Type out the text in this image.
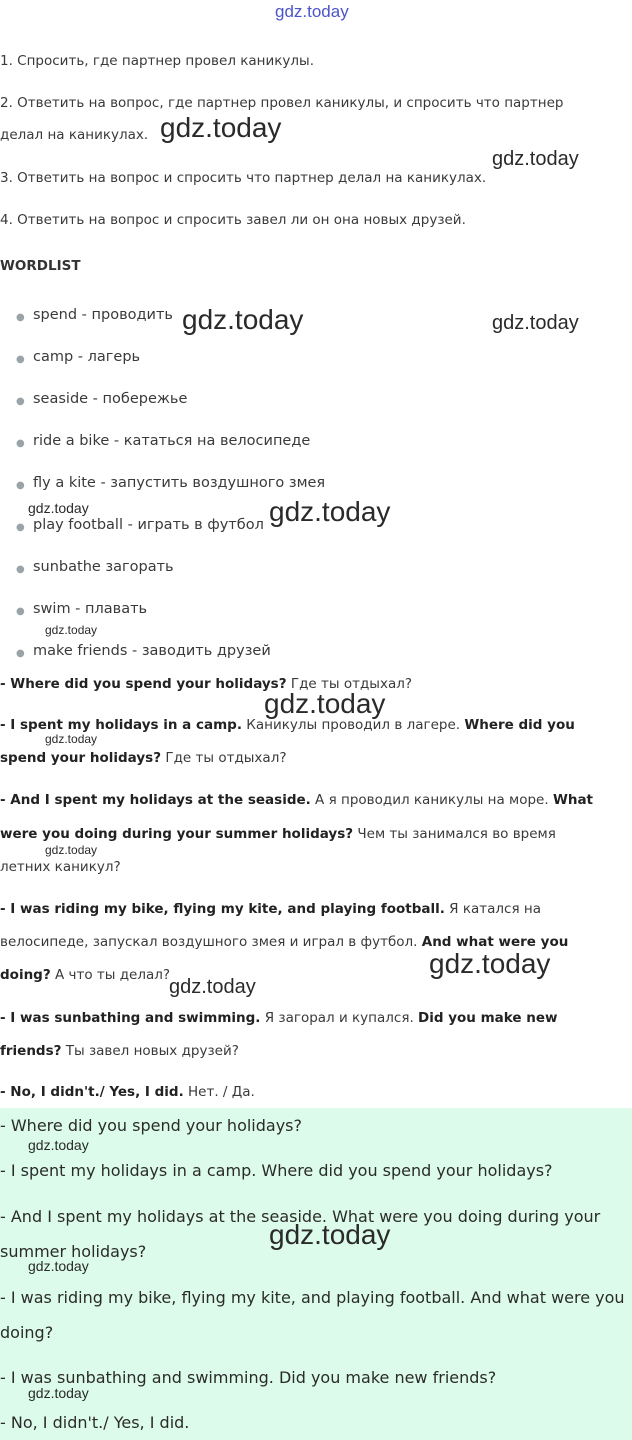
gdz.today
1. Спросить, где партнер провел каникулы.
2. Ответить на вопрос, где партнер провел каникулы, и спросить что партнер
делал на каникулах.
3. Ответить на вопрос и спросить что партнер делал на каникулах.
4. Ответить на вопрос и спросить завел ли он она новых друзей.
WORDLIST
● spend - проводить
● camp - лагерь
● seaside - побережье
● ride a bike - кататься на велосипеде
● fly a kite - запустить воздушного змея
● play football - играть в футбол
● sunbathe загорать
● swim - плавать
● make friends - заводить друзей
- Where did you spend your holidays? Где ты отдыхал?
- I spent my holidays in a camp. Каникулы проводил в лагере. Where did you
spend your holidays? Где ты отдыхал?
- And I spent my holidays at the seaside. А я проводил каникулы на море. What
were you doing during your summer holidays? Чем ты занимался во время
летних каникул?
- I was riding my bike, flying my kite, and playing football. Я катался на
велосипеде, запускал воздушного змея и играл в футбол. And what were you
doing? А что ты делал?
- I was sunbathing and swimming. Я загорал и купался. Did you make new
friends? Ты завел новых друзей?
- No, I didn't./ Yes, I did. Нет. / Да.
- Where did you spend your holidays?
- I spent my holidays in a camp. Where did you spend your holidays?
- And I spent my holidays at the seaside. What were you doing during your
summer holidays?
- I was riding my bike, flying my kite, and playing football. And what were you
doing?
- I was sunbathing and swimming. Did you make new friends?
- No, I didn't./ Yes, I did.
gdz.today
gdz.today
gdz.today	gdz.today
gdz.today	gdz.today
gdz.today
gdz.today
gdz.today
gdz.today
gdz.today
gdz.today
gdz.today
gdz.today
gdz.today
gdz.today
